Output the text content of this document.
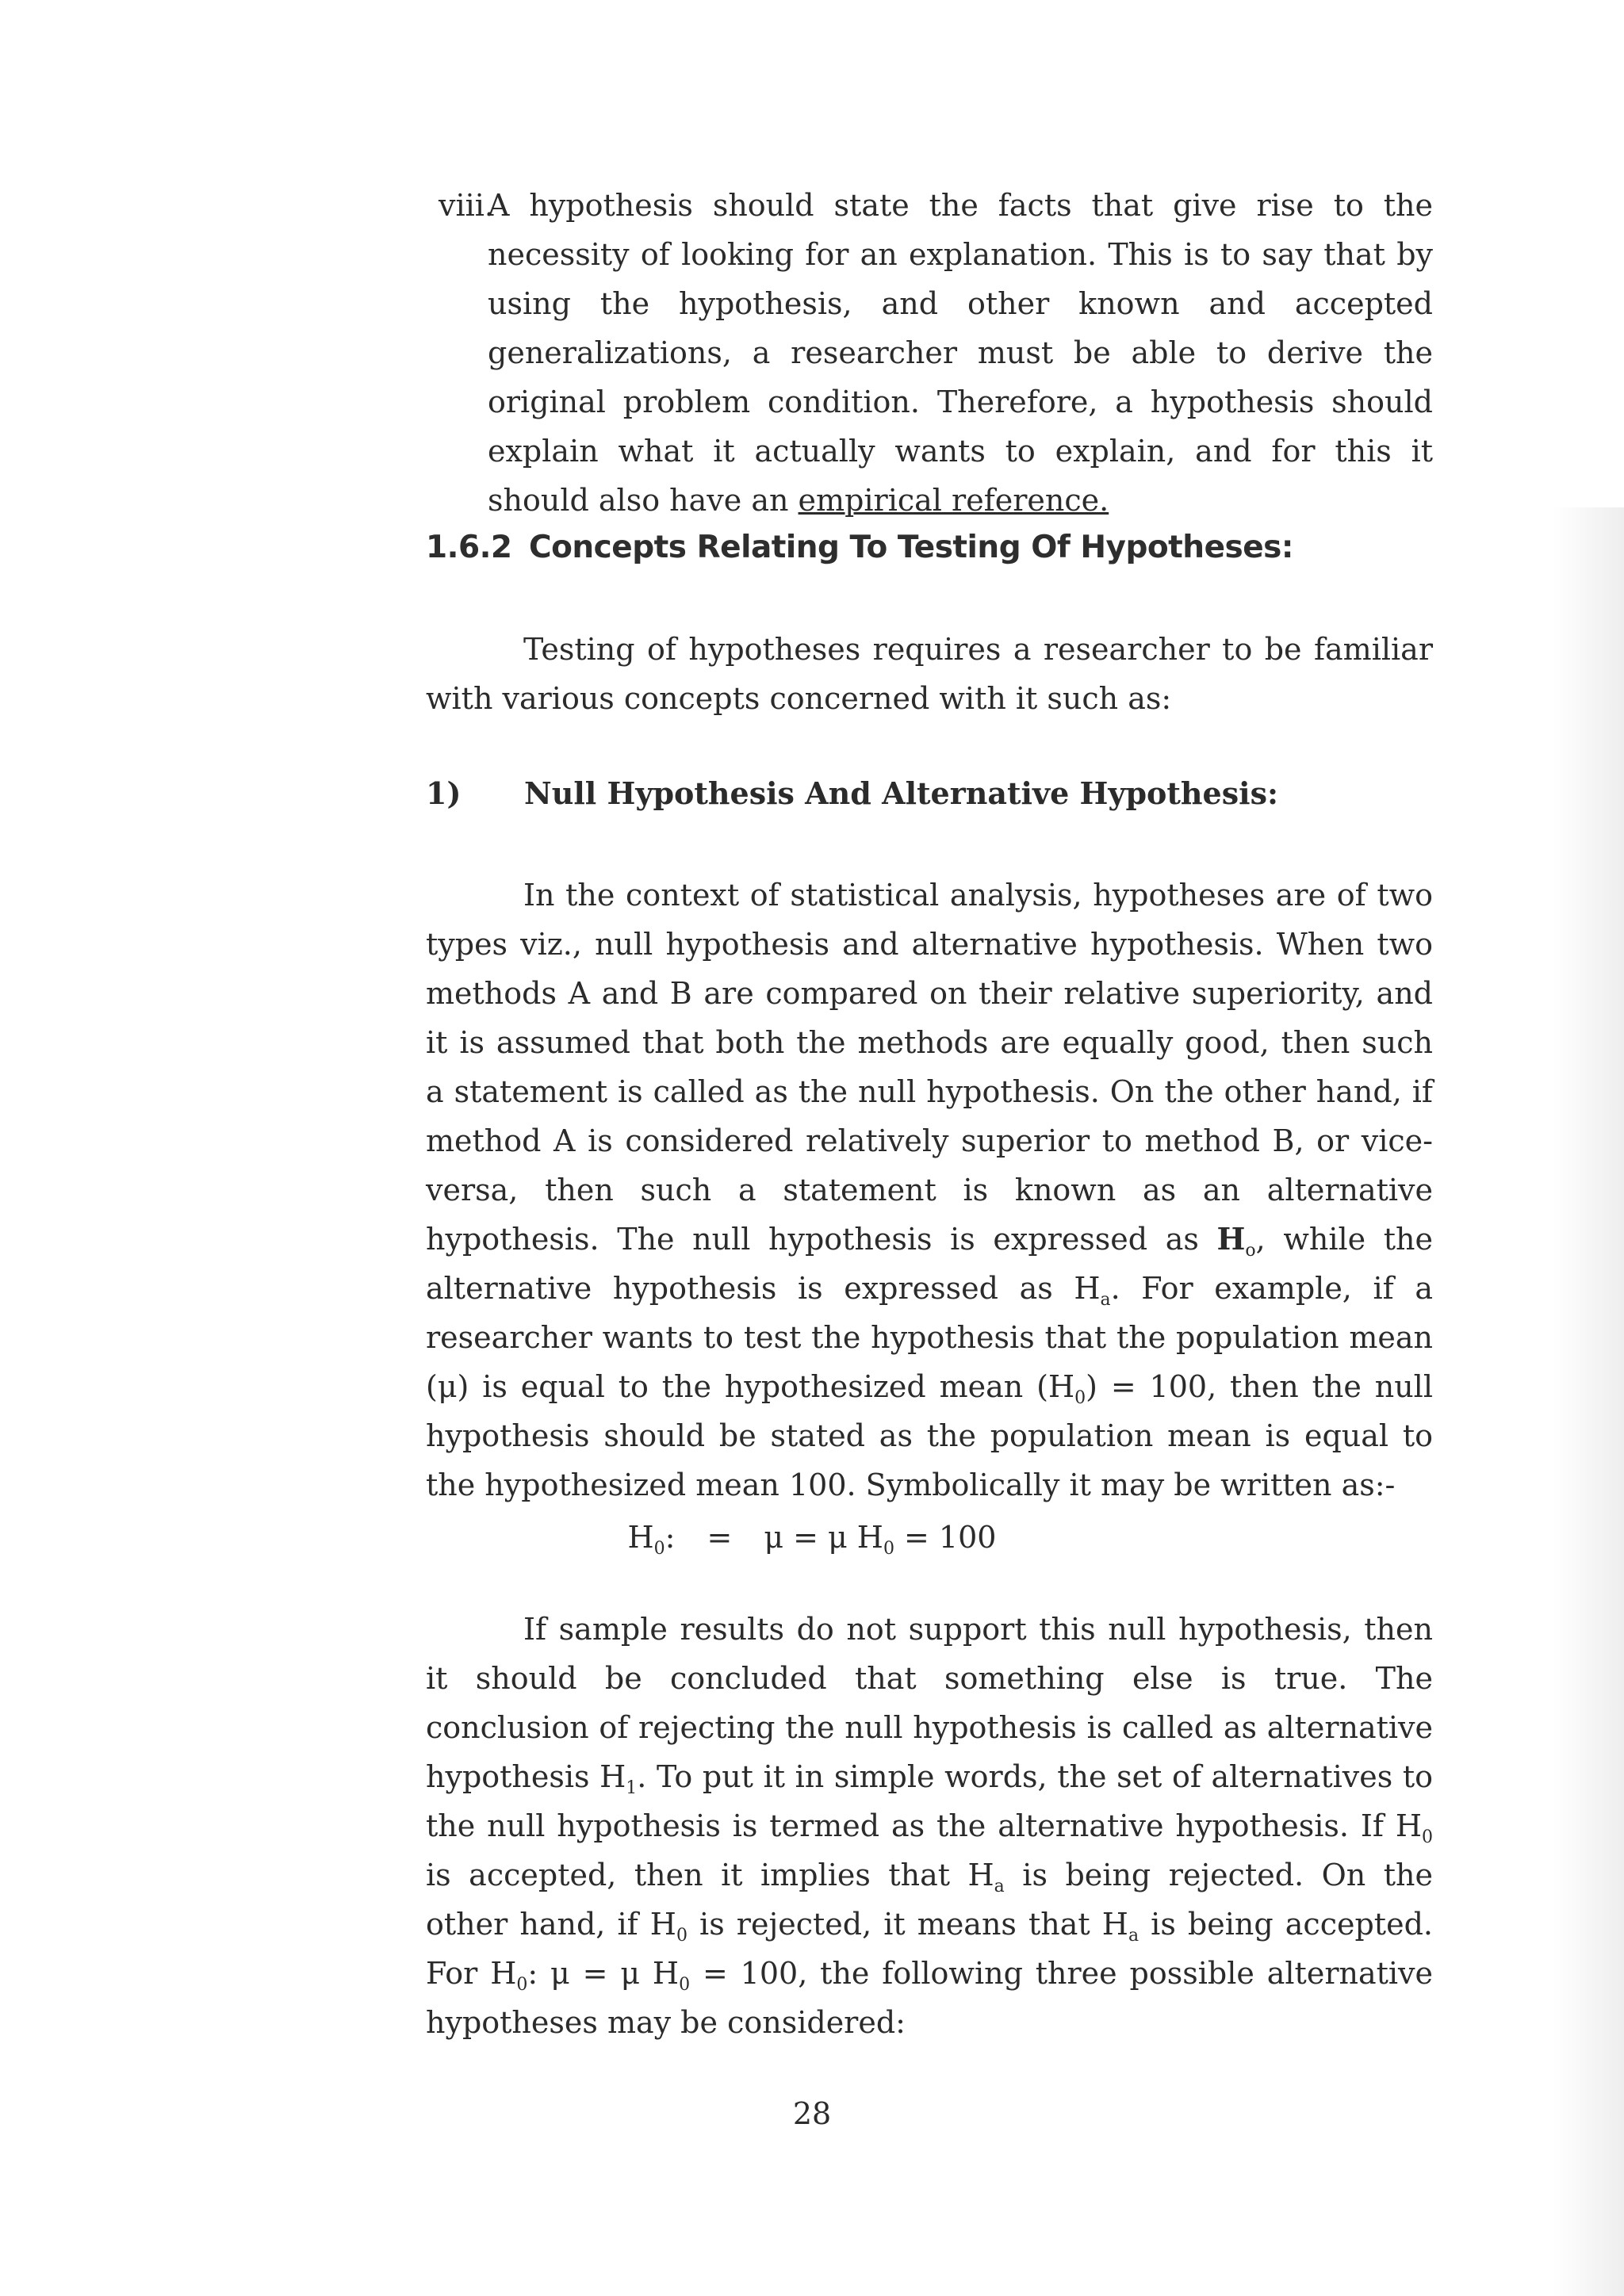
viii.

A hypothesis should state the facts that give rise to the necessity of looking for an explanation. This is to say that by using the hypothesis, and other known and accepted generalizations, a researcher must be able to derive the original problem condition. Therefore, a hypothesis should explain what it actually wants to explain, and for this it should also have an empirical reference.

1.6.2 Concepts Relating To Testing Of Hypotheses:

Testing of hypotheses requires a researcher to be familiar with various concepts concerned with it such as:

1) Null Hypothesis And Alternative Hypothesis:

In the context of statistical analysis, hypotheses are of two types viz., null hypothesis and alternative hypothesis. When two methods A and B are compared on their relative superiority, and it is assumed that both the methods are equally good, then such a statement is called as the null hypothesis. On the other hand, if method A is considered relatively superior to method B, or vice-versa, then such a statement is known as an alternative hypothesis. The null hypothesis is expressed as $H_o$, while the alternative hypothesis is expressed as $H_a$. For example, if a researcher wants to test the hypothesis that the population mean (μ) is equal to the hypothesized mean $(H_0) = 100$, then the null hypothesis should be stated as the population mean is equal to the hypothesized mean 100. Symbolically it may be written as:-

$H_0$: = μ = μ $H_0 = 100$

If sample results do not support this null hypothesis, then it should be concluded that something else is true. The conclusion of rejecting the null hypothesis is called as alternative hypothesis $H_1$. To put it in simple words, the set of alternatives to the null hypothesis is termed as the alternative hypothesis. If $H_0$ is accepted, then it implies that $H_a$ is being rejected. On the other hand, if $H_0$ is rejected, it means that $H_a$ is being accepted. For $H_0$: μ = μ $H_0 = 100$, the following three possible alternative hypotheses may be considered:

28
